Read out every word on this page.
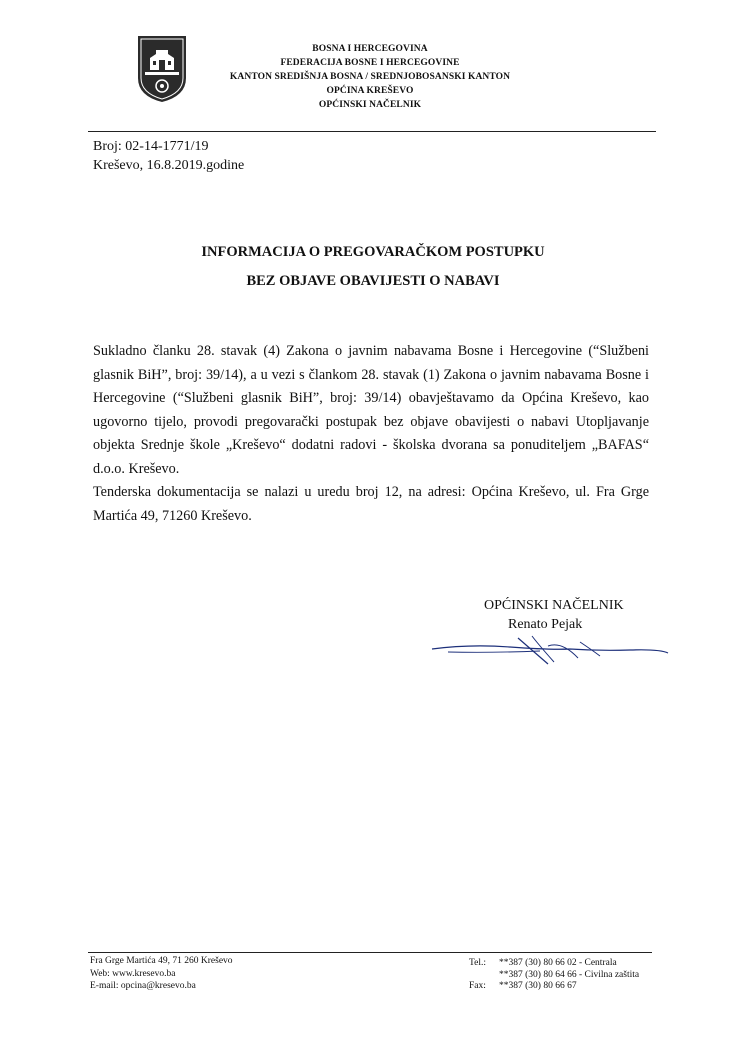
BOSNA I HERCEGOVINA
FEDERACIJA BOSNE I HERCEGOVINE
KANTON SREDIŠNJA BOSNA / SREDNJOBOSANSKI KANTON
OPĆINA KREŠEVO
OPĆINSKI NAČELNIK
Broj: 02-14-1771/19
Kreševo, 16.8.2019.godine
INFORMACIJA O PREGOVARAČKOM POSTUPKU
BEZ OBJAVE OBAVIJESTI O NABAVI

Sukladno članku 28. stavak (4) Zakona o javnim nabavama Bosne i Hercegovine (“Službeni glasnik BiH”, broj: 39/14), a u vezi s člankom 28. stavak (1) Zakona o javnim nabavama Bosne i Hercegovine (“Službeni glasnik BiH”, broj: 39/14) obavještavamo da Općina Kreševo, kao ugovorno tijelo, provodi pregovarački postupak bez objave obavijesti o nabavi Utopljavanje objekta Srednje škole „Kreševo“ dodatni radovi - školska dvorana sa ponuditeljem „BAFAS“ d.o.o. Kreševo.

Tenderska dokumentacija se nalazi u uredu broj 12, na adresi: Općina Kreševo, ul. Fra Grge Martića 49, 71260 Kreševo.

OPĆINSKI NAČELNIK
Renato Pejak
Fra Grge Martića 49, 71 260 Kreševo
Web: www.kresevo.ba
E-mail: opcina@kresevo.ba
Tel.: **387 (30) 80 66 02 - Centrala
**387 (30) 80 64 66 - Civilna zaštita
Fax: **387 (30) 80 66 67
